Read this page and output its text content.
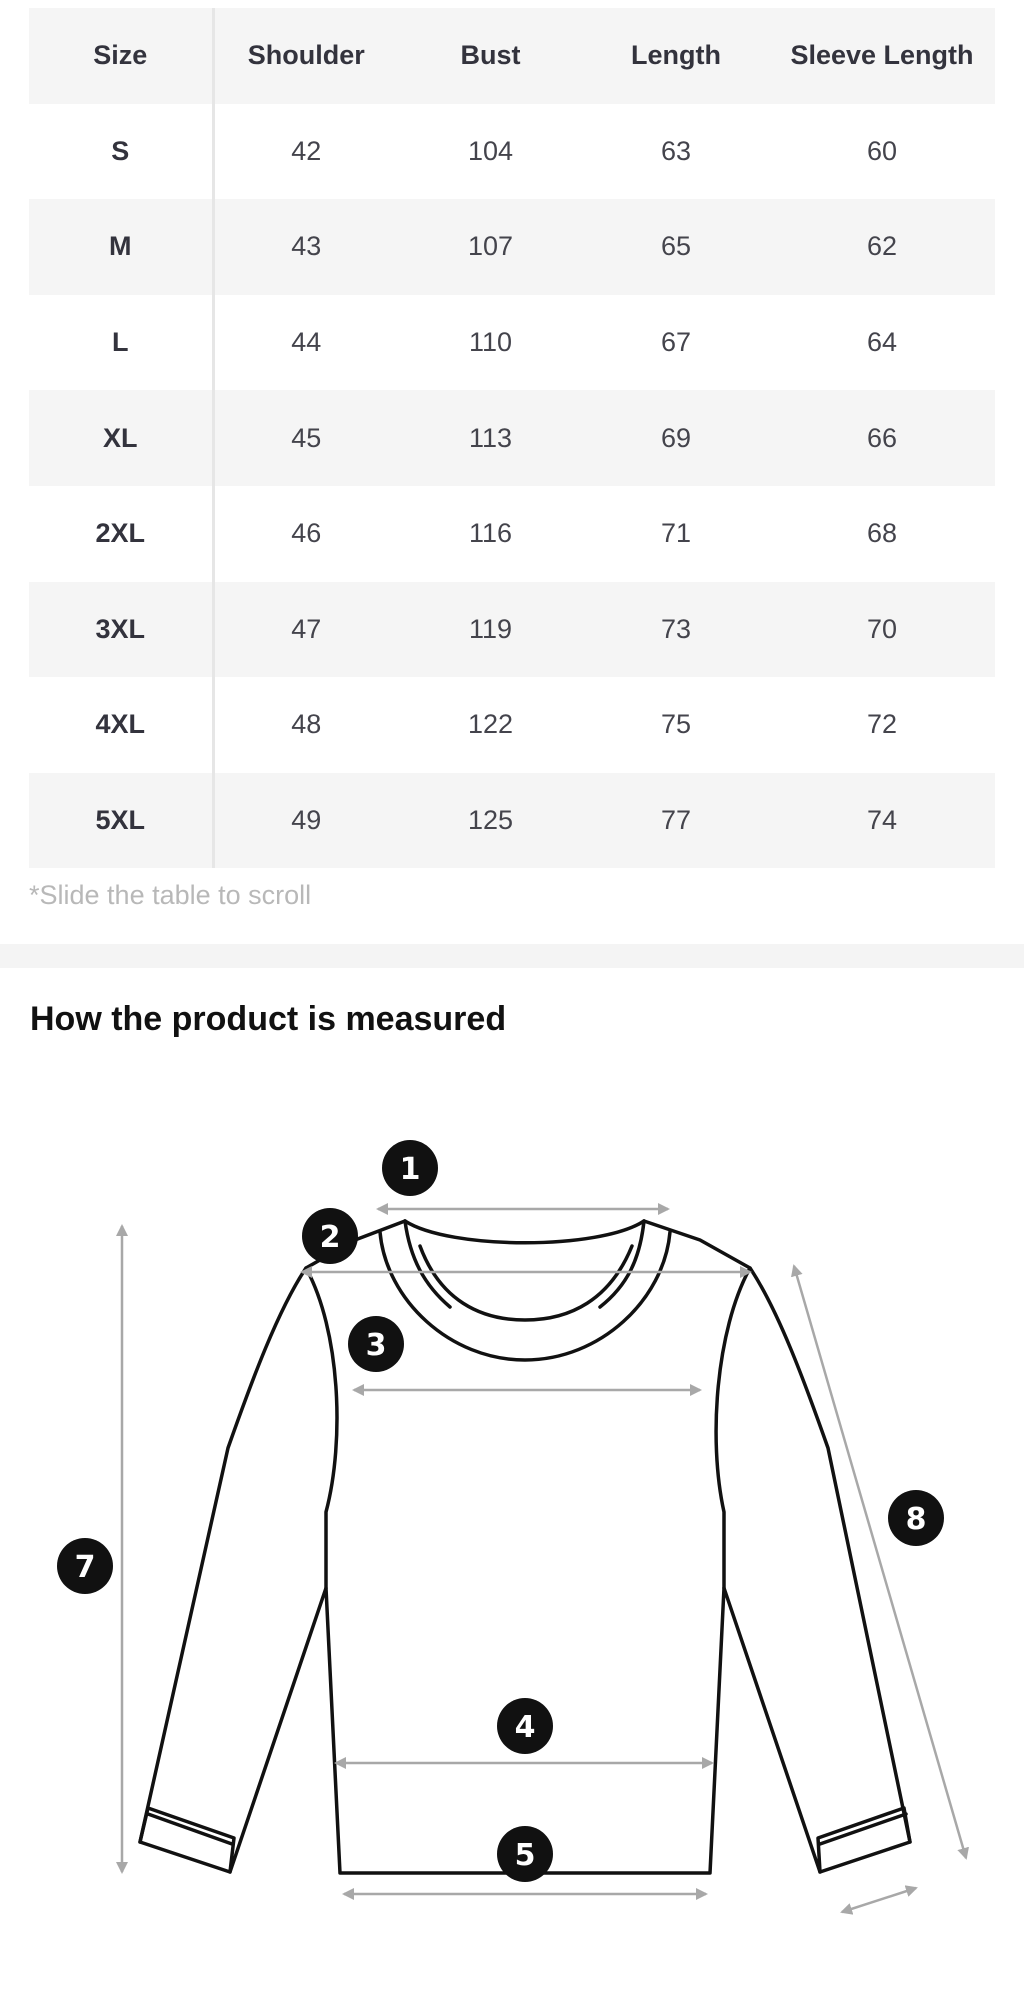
Size	Shoulder	Bust	Length	Sleeve Length
S	42	104	63	60
M	43	107	65	62
L	44	110	67	64
XL	45	113	69	66
2XL	46	116	71	68
3XL	47	119	73	70
4XL	48	122	75	72
5XL	49	125	77	74
*Slide the table to scroll
How the product is measured
1
2
3
4
5
7
8
